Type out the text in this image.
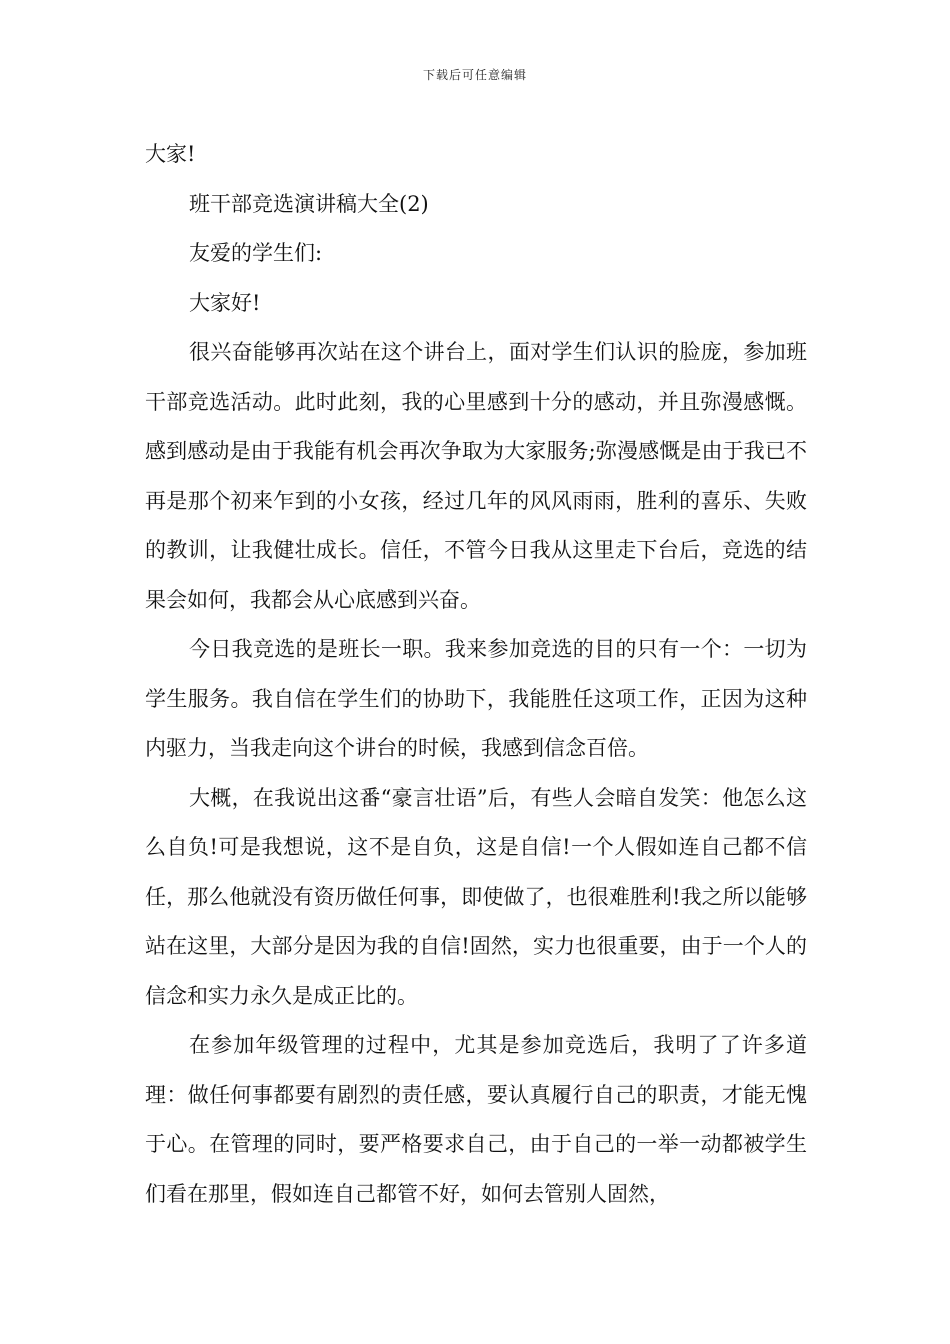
下载后可任意编辑

大家!

班干部竞选演讲稿大全(2)

友爱的学生们:

大家好!

很兴奋能够再次站在这个讲台上，面对学生们认识的脸庞，参加班干部竞选活动。此时此刻，我的心里感到十分的感动，并且弥漫感慨。感到感动是由于我能有机会再次争取为大家服务;弥漫感慨是由于我已不再是那个初来乍到的小女孩，经过几年的风风雨雨，胜利的喜乐、失败的教训，让我健壮成长。信任，不管今日我从这里走下台后，竞选的结果会如何，我都会从心底感到兴奋。

今日我竞选的是班长一职。我来参加竞选的目的只有一个：一切为学生服务。我自信在学生们的协助下，我能胜任这项工作，正因为这种内驱力，当我走向这个讲台的时候，我感到信念百倍。

大概，在我说出这番“豪言壮语”后，有些人会暗自发笑：他怎么这么自负!可是我想说，这不是自负，这是自信!一个人假如连自己都不信任，那么他就没有资历做任何事，即使做了，也很难胜利!我之所以能够站在这里，大部分是因为我的自信!固然，实力也很重要，由于一个人的信念和实力永久是成正比的。

在参加年级管理的过程中，尤其是参加竞选后，我明了了许多道理：做任何事都要有剧烈的责任感，要认真履行自己的职责，才能无愧于心。在管理的同时，要严格要求自己，由于自己的一举一动都被学生们看在那里，假如连自己都管不好，如何去管别人固然，
